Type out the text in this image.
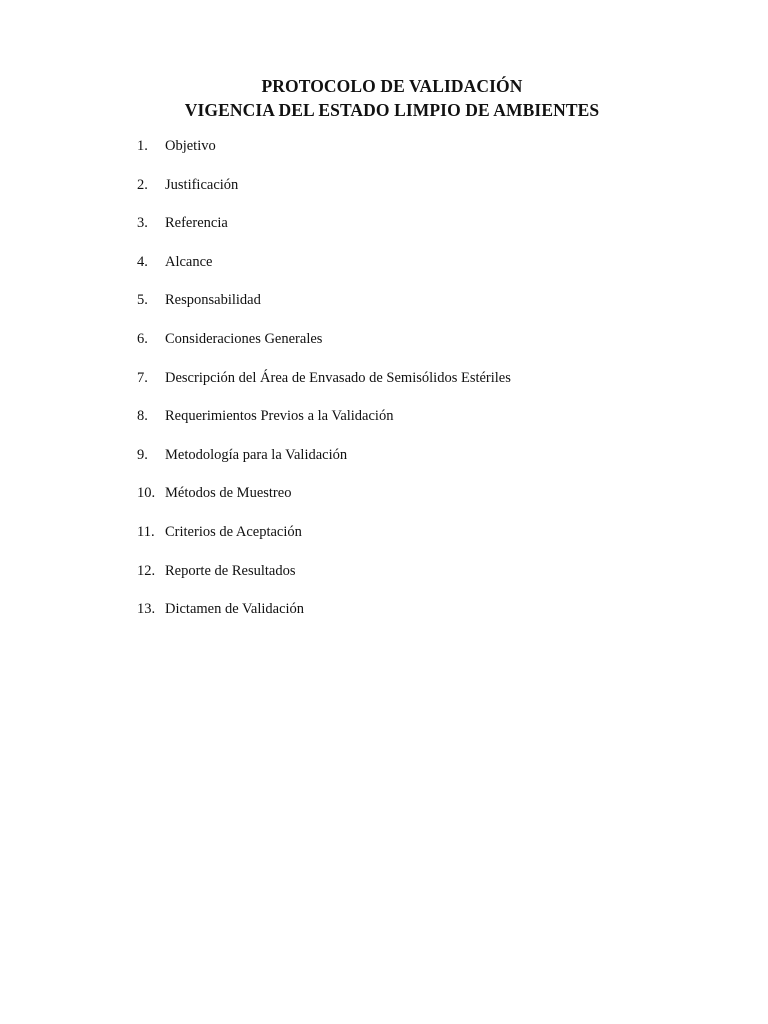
PROTOCOLO DE VALIDACIÓN
VIGENCIA DEL ESTADO LIMPIO DE AMBIENTES
1. Objetivo
2. Justificación
3. Referencia
4. Alcance
5. Responsabilidad
6. Consideraciones Generales
7. Descripción del Área de Envasado de Semisólidos Estériles
8. Requerimientos Previos a la Validación
9. Metodología para la Validación
10. Métodos de Muestreo
11. Criterios de Aceptación
12. Reporte de Resultados
13. Dictamen de Validación
